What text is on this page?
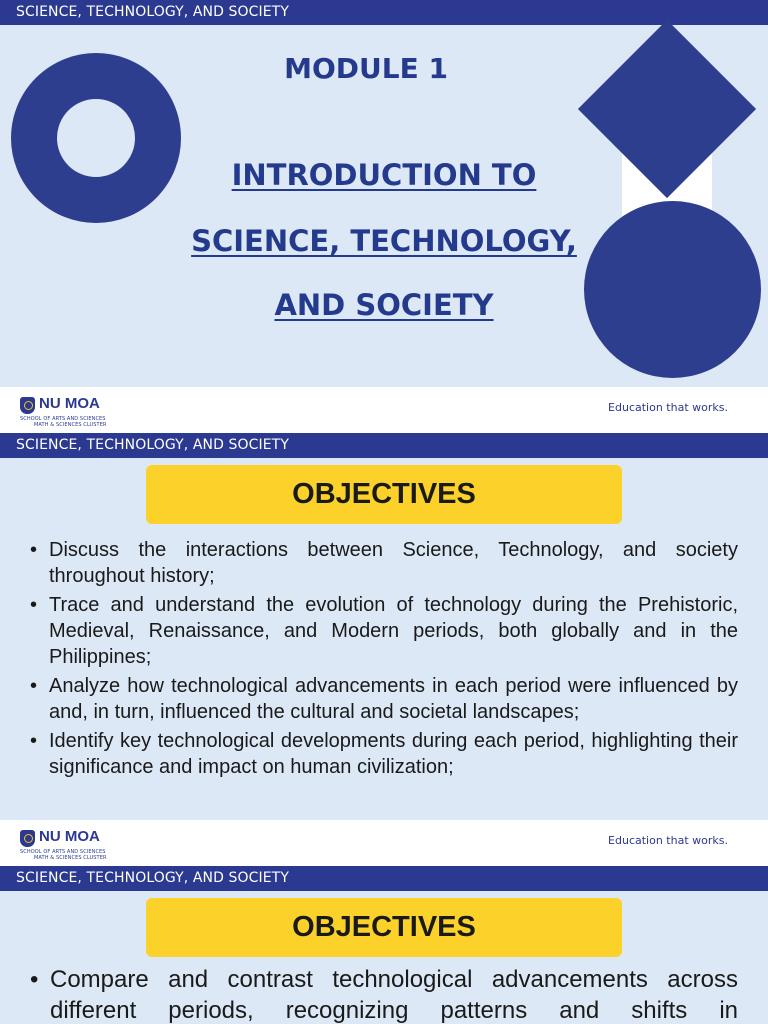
SCIENCE, TECHNOLOGY, AND SOCIETY
MODULE 1
INTRODUCTION TO
SCIENCE, TECHNOLOGY,
AND SOCIETY
NU MOA
SCHOOL OF ARTS AND SCIENCES
MATH & SCIENCES CLUSTER
Education that works.
SCIENCE, TECHNOLOGY, AND SOCIETY
OBJECTIVES
• Discuss the interactions between Science, Technology, and society throughout history;
• Trace and understand the evolution of technology during the Prehistoric, Medieval, Renaissance, and Modern periods, both globally and in the Philippines;
• Analyze how technological advancements in each period were influenced by and, in turn, influenced the cultural and societal landscapes;
• Identify key technological developments during each period, highlighting their significance and impact on human civilization;
NU MOA
SCHOOL OF ARTS AND SCIENCES
MATH & SCIENCES CLUSTER
Education that works.
SCIENCE, TECHNOLOGY, AND SOCIETY
OBJECTIVES
• Compare and contrast technological advancements across different periods, recognizing patterns and shifts in
